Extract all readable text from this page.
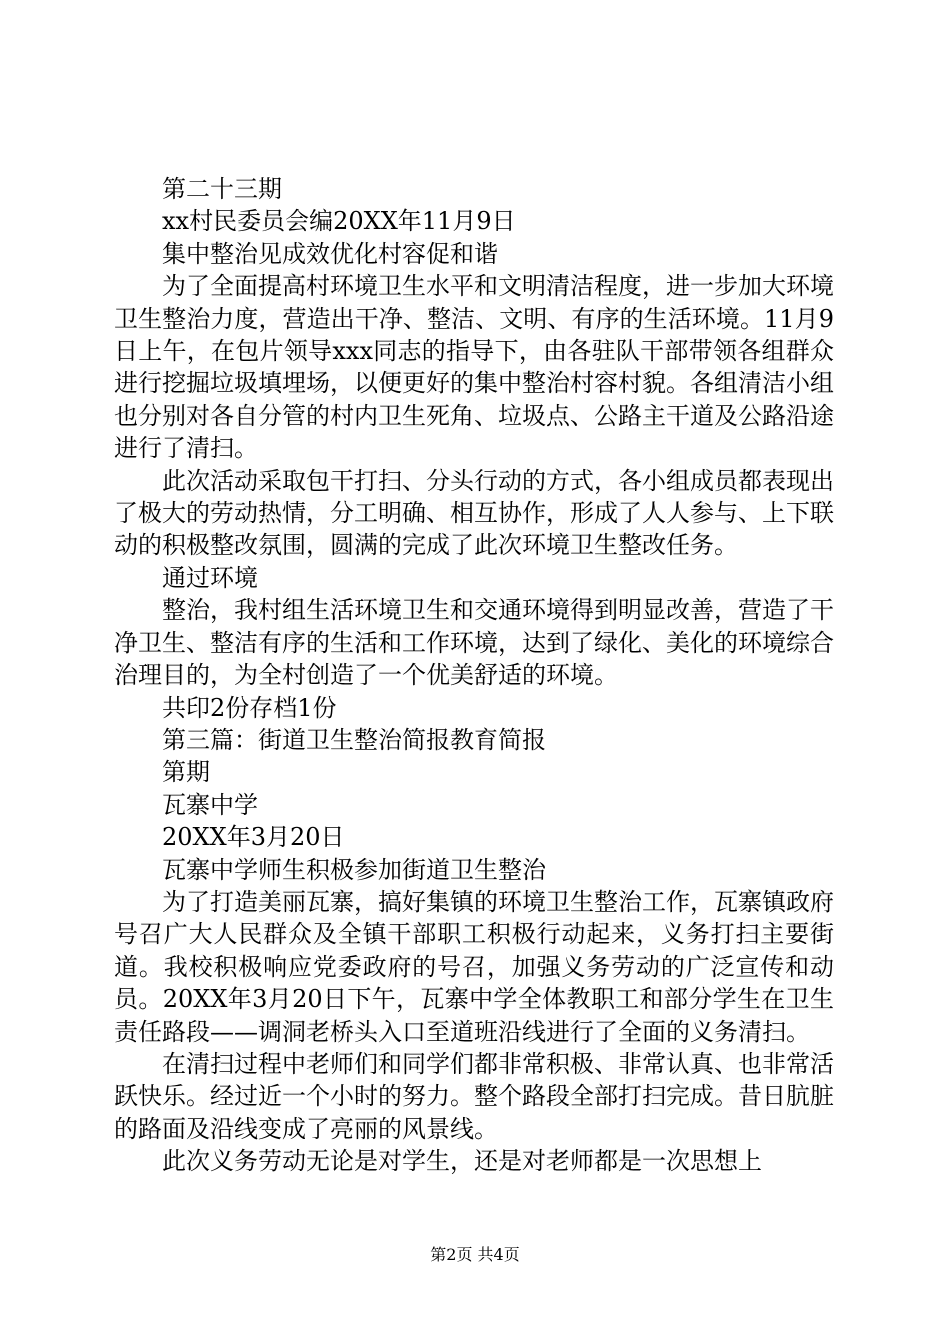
第二十三期

xx村民委员会编20XX年11月9日

集中整治见成效优化村容促和谐

为了全面提高村环境卫生水平和文明清洁程度，进一步加大环境卫生整治力度，营造出干净、整洁、文明、有序的生活环境。11月9日上午，在包片领导xxx同志的指导下，由各驻队干部带领各组群众进行挖掘垃圾填埋场，以便更好的集中整治村容村貌。各组清洁小组也分别对各自分管的村内卫生死角、垃圾点、公路主干道及公路沿途进行了清扫。

此次活动采取包干打扫、分头行动的方式，各小组成员都表现出了极大的劳动热情，分工明确、相互协作，形成了人人参与、上下联动的积极整改氛围，圆满的完成了此次环境卫生整改任务。

通过环境

整治，我村组生活环境卫生和交通环境得到明显改善，营造了干净卫生、整洁有序的生活和工作环境，达到了绿化、美化的环境综合治理目的，为全村创造了一个优美舒适的环境。

共印2份存档1份

第三篇：街道卫生整治简报教育简报

第期

瓦寨中学

20XX年3月20日

瓦寨中学师生积极参加街道卫生整治

为了打造美丽瓦寨，搞好集镇的环境卫生整治工作，瓦寨镇政府号召广大人民群众及全镇干部职工积极行动起来，义务打扫主要街道。我校积极响应党委政府的号召，加强义务劳动的广泛宣传和动员。20XX年3月20日下午，瓦寨中学全体教职工和部分学生在卫生责任路段——调洞老桥头入口至道班沿线进行了全面的义务清扫。

在清扫过程中老师们和同学们都非常积极、非常认真、也非常活跃快乐。经过近一个小时的努力。整个路段全部打扫完成。昔日肮脏的路面及沿线变成了亮丽的风景线。

此次义务劳动无论是对学生，还是对老师都是一次思想上

第2页 共4页
